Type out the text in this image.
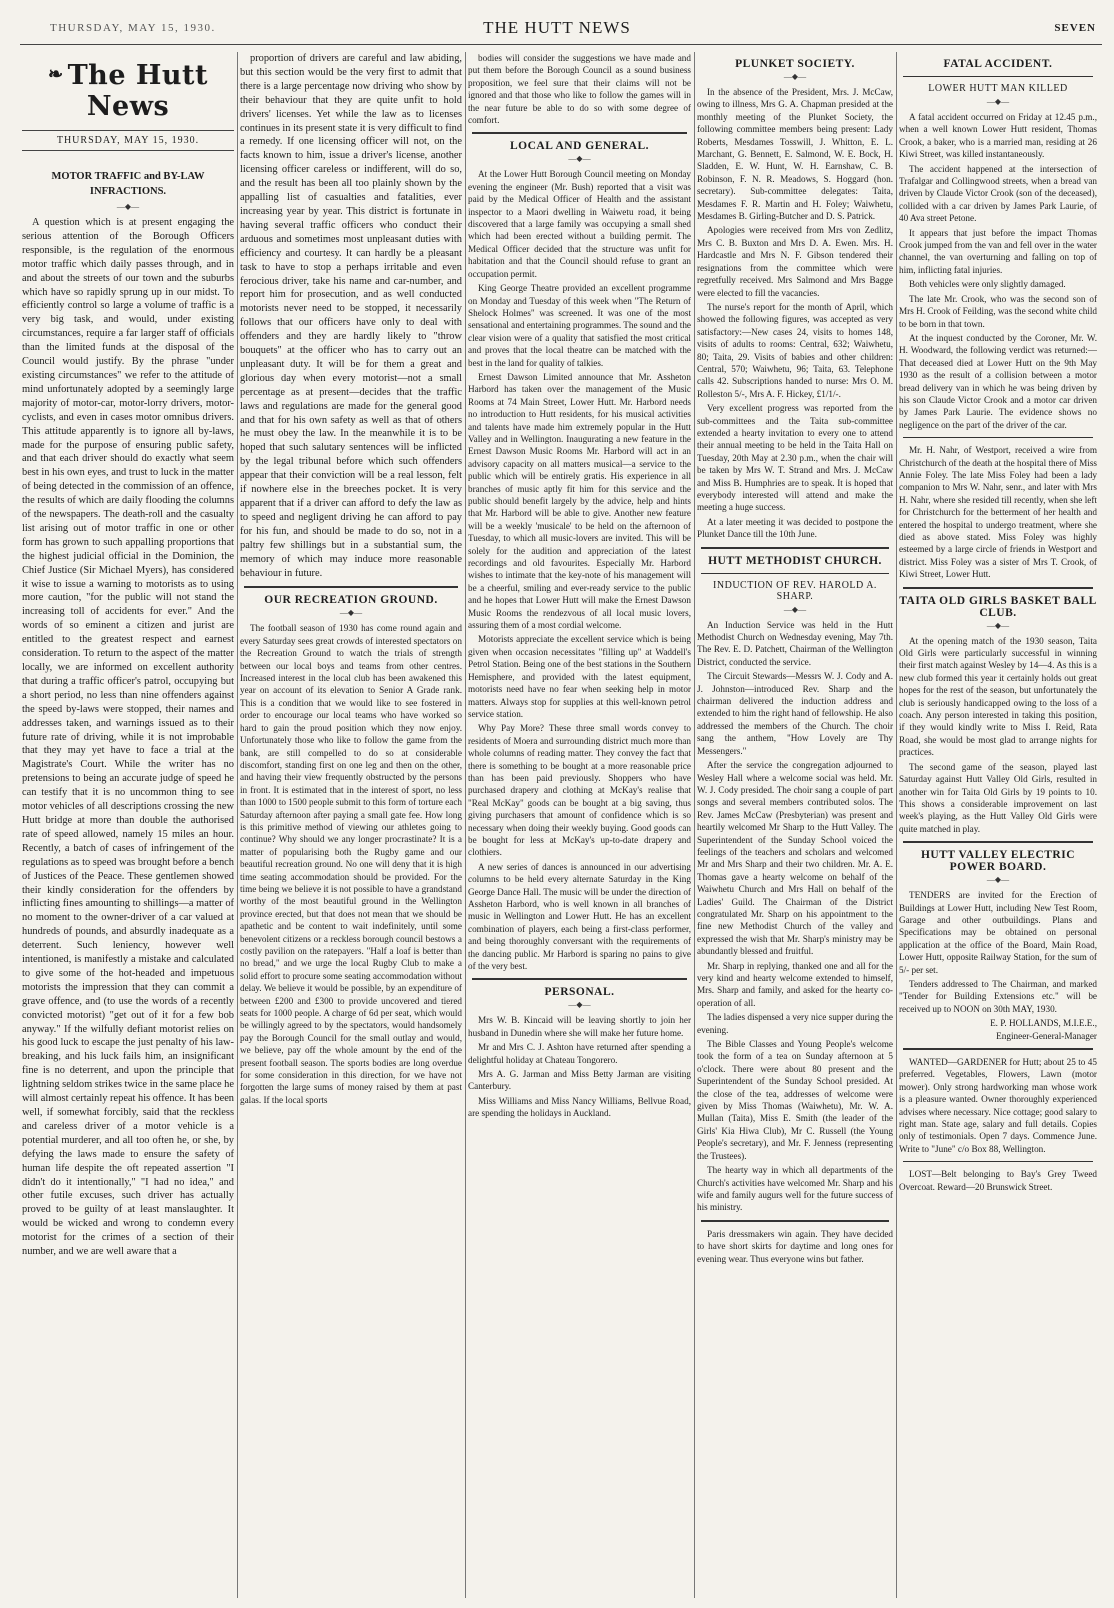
THURSDAY, MAY 15, 1930.	THE HUTT NEWS	SEVEN
❧ The Hutt News
THURSDAY, MAY 15, 1930.
MOTOR TRAFFIC and BY-LAW INFRACTIONS.
—◆—

A question which is at present engaging the serious attention of the Borough Officers responsible, is the regulation of the enormous motor traffic which daily passes through, and in and about the streets of our town and the suburbs which have so rapidly sprung up in our midst. To efficiently control so large a volume of traffic is a very big task, and would, under existing circumstances, require a far larger staff of officials than the limited funds at the disposal of the Council would justify. By the phrase "under existing circumstances" we refer to the attitude of mind unfortunately adopted by a seemingly large majority of motor-car, motor-lorry drivers, motor-cyclists, and even in cases motor omnibus drivers. This attitude apparently is to ignore all by-laws, made for the purpose of ensuring public safety, and that each driver should do exactly what seem best in his own eyes, and trust to luck in the matter of being detected in the commission of an offence, the results of which are daily flooding the columns of the newspapers. The death-roll and the casualty list arising out of motor traffic in one or other form has grown to such appalling proportions that the highest judicial official in the Dominion, the Chief Justice (Sir Michael Myers), has considered it wise to issue a warning to motorists as to using more caution, "for the public will not stand the increasing toll of accidents for ever." And the words of so eminent a citizen and jurist are entitled to the greatest respect and earnest consideration. To return to the aspect of the matter locally, we are informed on excellent authority that during a traffic officer's patrol, occupying but a short period, no less than nine offenders against the speed by-laws were stopped, their names and addresses taken, and warnings issued as to their future rate of driving, while it is not improbable that they may yet have to face a trial at the Magistrate's Court. While the writer has no pretensions to being an accurate judge of speed he can testify that it is no uncommon thing to see motor vehicles of all descriptions crossing the new Hutt bridge at more than double the authorised rate of speed allowed, namely 15 miles an hour. Recently, a batch of cases of infringement of the regulations as to speed was brought before a bench of Justices of the Peace. These gentlemen showed their kindly consideration for the offenders by inflicting fines amounting to shillings—a matter of no moment to the owner-driver of a car valued at hundreds of pounds, and absurdly inadequate as a deterrent. Such leniency, however well intentioned, is manifestly a mistake and calculated to give some of the hot-headed and impetuous motorists the impression that they can commit a grave offence, and (to use the words of a recently convicted motorist) "get out of it for a few bob anyway." If the wilfully defiant motorist relies on his good luck to escape the just penalty of his law-breaking, and his luck fails him, an insignificant fine is no deterrent, and upon the principle that lightning seldom strikes twice in the same place he will almost certainly repeat his offence. It has been well, if somewhat forcibly, said that the reckless and careless driver of a motor vehicle is a potential murderer, and all too often he, or she, by defying the laws made to ensure the safety of human life despite the oft repeated assertion "I didn't do it intentionally," "I had no idea," and other futile excuses, such driver has actually proved to be guilty of at least manslaughter. It would be wicked and wrong to condemn every motorist for the crimes of a section of their number, and we are well aware that a

proportion of drivers are careful and law abiding, but this section would be the very first to admit that there is a large percentage now driving who show by their behaviour that they are quite unfit to hold drivers' licenses. Yet while the law as to licenses continues in its present state it is very difficult to find a remedy. If one licensing officer will not, on the facts known to him, issue a driver's license, another licensing officer careless or indifferent, will do so, and the result has been all too plainly shown by the appalling list of casualties and fatalities, ever increasing year by year. This district is fortunate in having several traffic officers who conduct their arduous and sometimes most unpleasant duties with efficiency and courtesy. It can hardly be a pleasant task to have to stop a perhaps irritable and even ferocious driver, take his name and car-number, and report him for prosecution, and as well conducted motorists never need to be stopped, it necessarily follows that our officers have only to deal with offenders and they are hardly likely to "throw bouquets" at the officer who has to carry out an unpleasant duty. It will be for them a great and glorious day when every motorist—not a small percentage as at present—decides that the traffic laws and regulations are made for the general good and that for his own safety as well as that of others he must obey the law. In the meanwhile it is to be hoped that such salutary sentences will be inflicted by the legal tribunal before which such offenders appear that their conviction will be a real lesson, felt if nowhere else in the breeches pocket. It is very apparent that if a driver can afford to defy the law as to speed and negligent driving he can afford to pay for his fun, and should be made to do so, not in a paltry few shillings but in a substantial sum, the memory of which may induce more reasonable behaviour in future.

OUR RECREATION GROUND.
—◆—

The football season of 1930 has come round again and every Saturday sees great crowds of interested spectators on the Recreation Ground to watch the trials of strength between our local boys and teams from other centres. Increased interest in the local club has been awakened this year on account of its elevation to Senior A Grade rank. This is a condition that we would like to see fostered in order to encourage our local teams who have worked so hard to gain the proud position which they now enjoy. Unfortunately those who like to follow the game from the bank, are still compelled to do so at considerable discomfort, standing first on one leg and then on the other, and having their view frequently obstructed by the persons in front. It is estimated that in the interest of sport, no less than 1000 to 1500 people submit to this form of torture each Saturday afternoon after paying a small gate fee. How long is this primitive method of viewing our athletes going to continue? Why should we any longer procrastinate? It is a matter of popularising both the Rugby game and our beautiful recreation ground. No one will deny that it is high time seating accommodation should be provided. For the time being we believe it is not possible to have a grandstand worthy of the most beautiful ground in the Wellington province erected, but that does not mean that we should be apathetic and be content to wait indefinitely, until some benevolent citizens or a reckless borough council bestows a costly pavilion on the ratepayers. "Half a loaf is better than no bread," and we urge the local Rugby Club to make a solid effort to procure some seating accommodation without delay. We believe it would be possible, by an expenditure of between £200 and £300 to provide uncovered and tiered seats for 1000 people. A charge of 6d per seat, which would be willingly agreed to by the spectators, would handsomely pay the Borough Council for the small outlay and would, we believe, pay off the whole amount by the end of the present football season. The sports bodies are long overdue for some consideration in this direction, for we have not forgotten the large sums of money raised by them at past galas. If the local sports

bodies will consider the suggestions we have made and put them before the Borough Council as a sound business proposition, we feel sure that their claims will not be ignored and that those who like to follow the games will in the near future be able to do so with some degree of comfort.

LOCAL AND GENERAL.
—◆—

At the Lower Hutt Borough Council meeting on Monday evening the engineer (Mr. Bush) reported that a visit was paid by the Medical Officer of Health and the assistant inspector to a Maori dwelling in Waiwetu road, it being discovered that a large family was occupying a small shed which had been erected without a building permit. The Medical Officer decided that the structure was unfit for habitation and that the Council should refuse to grant an occupation permit.

King George Theatre provided an excellent programme on Monday and Tuesday of this week when "The Return of Shelock Holmes" was screened. It was one of the most sensational and entertaining programmes. The sound and the clear vision were of a quality that satisfied the most critical and proves that the local theatre can be matched with the best in the land for quality of talkies.

Ernest Dawson Limited announce that Mr. Assheton Harbord has taken over the management of the Music Rooms at 74 Main Street, Lower Hutt. Mr. Harbord needs no introduction to Hutt residents, for his musical activities and talents have made him extremely popular in the Hutt Valley and in Wellington. Inaugurating a new feature in the Ernest Dawson Music Rooms Mr. Harbord will act in an advisory capacity on all matters musical—a service to the public which will be entirely gratis. His experience in all branches of music aptly fit him for this service and the public should benefit largely by the advice, help and hints that Mr. Harbord will be able to give. Another new feature will be a weekly 'musicale' to be held on the afternoon of Tuesday, to which all music-lovers are invited. This will be solely for the audition and appreciation of the latest recordings and old favourites. Especially Mr. Harbord wishes to intimate that the key-note of his management will be a cheerful, smiling and ever-ready service to the public and he hopes that Lower Hutt will make the Ernest Dawson Music Rooms the rendezvous of all local music lovers, assuring them of a most cordial welcome.

Motorists appreciate the excellent service which is being given when occasion necessitates "filling up" at Waddell's Petrol Station. Being one of the best stations in the Southern Hemisphere, and provided with the latest equipment, motorists need have no fear when seeking help in motor matters. Always stop for supplies at this well-known petrol service station.

Why Pay More? These three small words convey to residents of Moera and surrounding district much more than whole columns of reading matter. They convey the fact that there is something to be bought at a more reasonable price than has been paid previously. Shoppers who have purchased drapery and clothing at McKay's realise that "Real McKay" goods can be bought at a big saving, thus giving purchasers that amount of confidence which is so necessary when doing their weekly buying. Good goods can be bought for less at McKay's up-to-date drapery and clothiers.

A new series of dances is announced in our advertising columns to be held every alternate Saturday in the King George Dance Hall. The music will be under the direction of Assheton Harbord, who is well known in all branches of music in Wellington and Lower Hutt. He has an excellent combination of players, each being a first-class performer, and being thoroughly conversant with the requirements of the dancing public. Mr Harbord is sparing no pains to give of the very best.

PERSONAL.
—◆—

Mrs W. B. Kincaid will be leaving shortly to join her husband in Dunedin where she will make her future home.

Mr and Mrs C. J. Ashton have returned after spending a delightful holiday at Chateau Tongorero.

Mrs A. G. Jarman and Miss Betty Jarman are visiting Canterbury.

Miss Williams and Miss Nancy Williams, Bellvue Road, are spending the holidays in Auckland.

PLUNKET SOCIETY.
—◆—

In the absence of the President, Mrs. J. McCaw, owing to illness, Mrs G. A. Chapman presided at the monthly meeting of the Plunket Society, the following committee members being present: Lady Roberts, Mesdames Tosswill, J. Whitton, E. L. Marchant, G. Bennett, E. Salmond, W. E. Bock, H. Sladden, E. W. Hunt, W. H. Earnshaw, C. B. Robinson, F. N. R. Meadows, S. Hoggard (hon. secretary). Sub-committee delegates: Taita, Mesdames F. R. Martin and H. Foley; Waiwhetu, Mesdames B. Girling-Butcher and D. S. Patrick.

Apologies were received from Mrs von Zedlitz, Mrs C. B. Buxton and Mrs D. A. Ewen. Mrs. H. Hardcastle and Mrs N. F. Gibson tendered their resignations from the committee which were regretfully received. Mrs Salmond and Mrs Bagge were elected to fill the vacancies.

The nurse's report for the month of April, which showed the following figures, was accepted as very satisfactory:—New cases 24, visits to homes 148, visits of adults to rooms: Central, 632; Waiwhetu, 80; Taita, 29. Visits of babies and other children: Central, 570; Waiwhetu, 96; Taita, 63. Telephone calls 42. Subscriptions handed to nurse: Mrs O. M. Rolleston 5/-, Mrs A. F. Hickey, £1/1/-.

Very excellent progress was reported from the sub-committees and the Taita sub-committee extended a hearty invitation to every one to attend their annual meeting to be held in the Taita Hall on Tuesday, 20th May at 2.30 p.m., when the chair will be taken by Mrs W. T. Strand and Mrs. J. McCaw and Miss B. Humphries are to speak. It is hoped that everybody interested will attend and make the meeting a huge success.

At a later meeting it was decided to postpone the Plunket Dance till the 10th June.

HUTT METHODIST CHURCH.
INDUCTION OF REV. HAROLD A. SHARP.
—◆—

An Induction Service was held in the Hutt Methodist Church on Wednesday evening, May 7th. The Rev. E. D. Patchett, Chairman of the Wellington District, conducted the service.

The Circuit Stewards—Messrs W. J. Cody and A. J. Johnston—introduced Rev. Sharp and the chairman delivered the induction address and extended to him the right hand of fellowship. He also addressed the members of the Church. The choir sang the anthem, "How Lovely are Thy Messengers."

After the service the congregation adjourned to Wesley Hall where a welcome social was held. Mr. W. J. Cody presided. The choir sang a couple of part songs and several members contributed solos. The Rev. James McCaw (Presbyterian) was present and heartily welcomed Mr Sharp to the Hutt Valley. The Superintendent of the Sunday School voiced the feelings of the teachers and scholars and welcomed Mr and Mrs Sharp and their two children. Mr. A. E. Thomas gave a hearty welcome on behalf of the Waiwhetu Church and Mrs Hall on behalf of the Ladies' Guild. The Chairman of the District congratulated Mr. Sharp on his appointment to the fine new Methodist Church of the valley and expressed the wish that Mr. Sharp's ministry may be abundantly blessed and fruitful.

Mr. Sharp in replying, thanked one and all for the very kind and hearty welcome extended to himself, Mrs. Sharp and family, and asked for the hearty co-operation of all.

The ladies dispensed a very nice supper during the evening.

The Bible Classes and Young People's welcome took the form of a tea on Sunday afternoon at 5 o'clock. There were about 80 present and the Superintendent of the Sunday School presided. At the close of the tea, addresses of welcome were given by Miss Thomas (Waiwhetu), Mr. W. A. Mullan (Taita), Miss E. Smith (the leader of the Girls' Kia Hiwa Club), Mr C. Russell (the Young People's secretary), and Mr. F. Jenness (representing the Trustees).

The hearty way in which all departments of the Church's activities have welcomed Mr. Sharp and his wife and family augurs well for the future success of his ministry.

Paris dressmakers win again. They have decided to have short skirts for daytime and long ones for evening wear. Thus everyone wins but father.

FATAL ACCIDENT.
LOWER HUTT MAN KILLED
—◆—

A fatal accident occurred on Friday at 12.45 p.m., when a well known Lower Hutt resident, Thomas Crook, a baker, who is a married man, residing at 26 Kiwi Street, was killed instantaneously.

The accident happened at the intersection of Trafalgar and Collingwood streets, when a bread van driven by Claude Victor Crook (son of the deceased), collided with a car driven by James Park Laurie, of 40 Ava street Petone.

It appears that just before the impact Thomas Crook jumped from the van and fell over in the water channel, the van overturning and falling on top of him, inflicting fatal injuries.

Both vehicles were only slightly damaged.

The late Mr. Crook, who was the second son of Mrs H. Crook of Feilding, was the second white child to be born in that town.

At the inquest conducted by the Coroner, Mr. W. H. Woodward, the following verdict was returned:—That deceased died at Lower Hutt on the 9th May 1930 as the result of a collision between a motor bread delivery van in which he was being driven by his son Claude Victor Crook and a motor car driven by James Park Laurie. The evidence shows no negligence on the part of the driver of the car.

Mr. H. Nahr, of Westport, received a wire from Christchurch of the death at the hospital there of Miss Annie Foley. The late Miss Foley had been a lady companion to Mrs W. Nahr, senr., and later with Mrs H. Nahr, where she resided till recently, when she left for Christchurch for the betterment of her health and entered the hospital to undergo treatment, where she died as above stated. Miss Foley was highly esteemed by a large circle of friends in Westport and district. Miss Foley was a sister of Mrs T. Crook, of Kiwi Street, Lower Hutt.

TAITA OLD GIRLS BASKET BALL CLUB.
—◆—

At the opening match of the 1930 season, Taita Old Girls were particularly successful in winning their first match against Wesley by 14—4. As this is a new club formed this year it certainly holds out great hopes for the rest of the season, but unfortunately the club is seriously handicapped owing to the loss of a coach. Any person interested in taking this position, if they would kindly write to Miss I. Reid, Rata Road, she would be most glad to arrange nights for practices.

The second game of the season, played last Saturday against Hutt Valley Old Girls, resulted in another win for Taita Old Girls by 19 points to 10. This shows a considerable improvement on last week's playing, as the Hutt Valley Old Girls were quite matched in play.

HUTT VALLEY ELECTRIC POWER BOARD.
—◆—

TENDERS are invited for the Erection of Buildings at Lower Hutt, including New Test Room, Garage and other outbuildings. Plans and Specifications may be obtained on personal application at the office of the Board, Main Road, Lower Hutt, opposite Railway Station, for the sum of 5/- per set.

Tenders addressed to The Chairman, and marked "Tender for Building Extensions etc." will be received up to NOON on 30th MAY, 1930.

E. P. HOLLANDS, M.I.E.E.,
Engineer-General-Manager

WANTED—GARDENER for Hutt; about 25 to 45 preferred. Vegetables, Flowers, Lawn (motor mower). Only strong hardworking man whose work is a pleasure wanted. Owner thoroughly experienced advises where necessary. Nice cottage; good salary to right man. State age, salary and full details. Copies only of testimonials. Open 7 days. Commence June. Write to "June" c/o Box 88, Wellington.

LOST—Belt belonging to Bay's Grey Tweed Overcoat. Reward—20 Brunswick Street.
